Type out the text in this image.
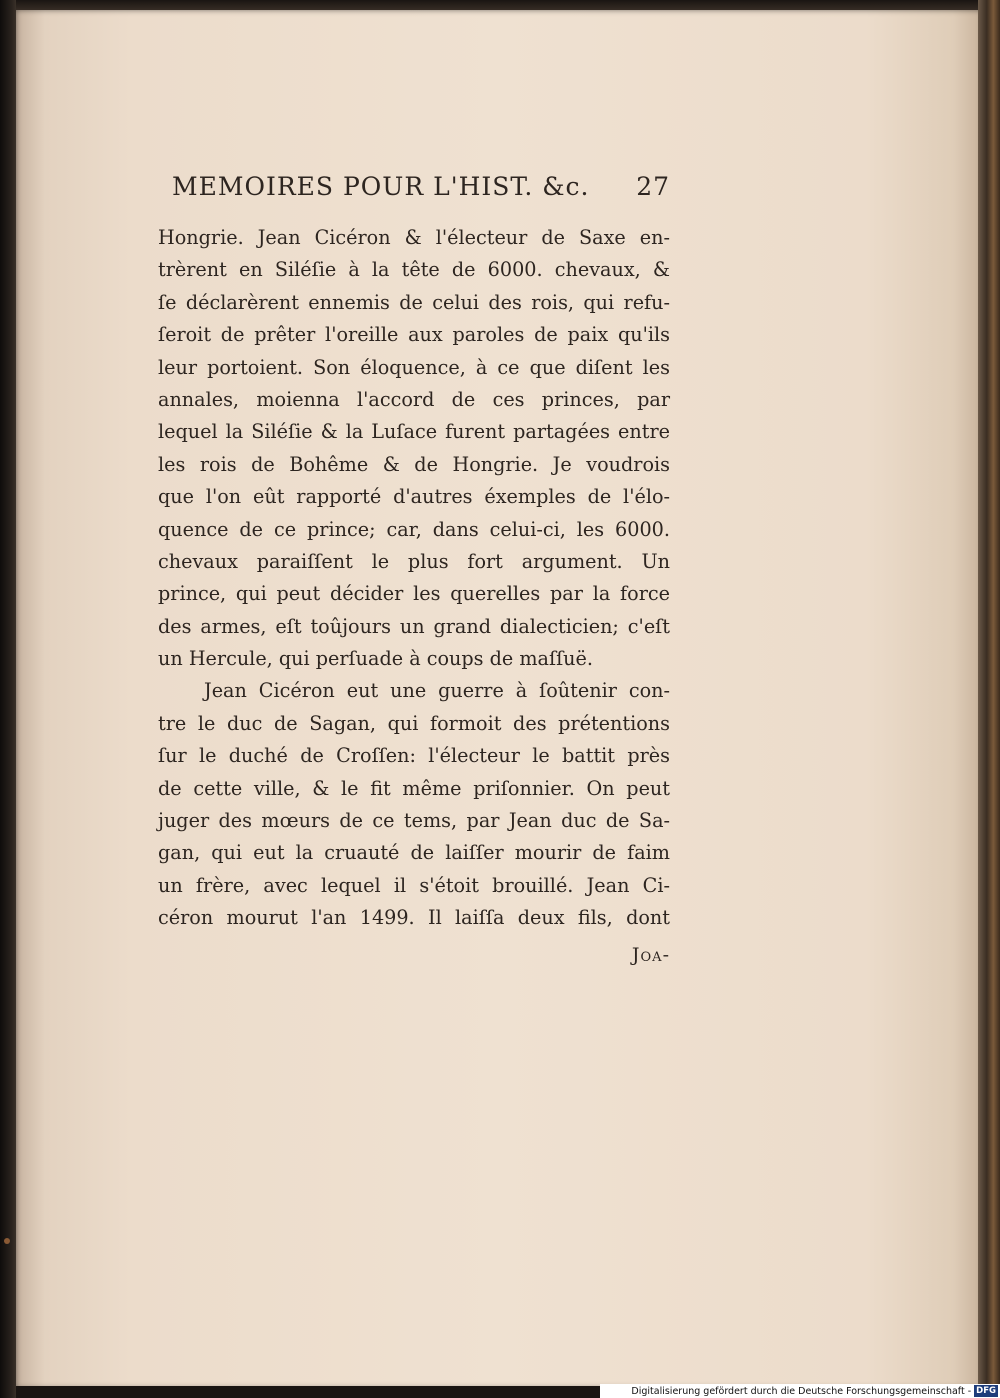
MEMOIRES POUR L'HIST. &c. 27
Hongrie. Jean Cicéron & l'électeur de Saxe en-
trèrent en Siléſie à la tête de 6000. chevaux, &
ſe déclarèrent ennemis de celui des rois, qui refu-
ſeroit de prêter l'oreille aux paroles de paix qu'ils
leur portoient. Son éloquence, à ce que diſent les
annales, moienna l'accord de ces princes, par
lequel la Siléſie & la Luſace furent partagées entre
les rois de Bohême & de Hongrie. Je voudrois
que l'on eût rapporté d'autres éxemples de l'élo-
quence de ce prince; car, dans celui-ci, les 6000.
chevaux paraiſſent le plus fort argument. Un
prince, qui peut décider les querelles par la force
des armes, eſt toûjours un grand dialecticien; c'eſt
un Hercule, qui perſuade à coups de maſſuë.
Jean Cicéron eut une guerre à ſoûtenir con-
tre le duc de Sagan, qui formoit des prétentions
ſur le duché de Croſſen: l'électeur le battit près
de cette ville, & le fit même priſonnier. On peut
juger des mœurs de ce tems, par Jean duc de Sa-
gan, qui eut la cruauté de laiſſer mourir de faim
un frère, avec lequel il s'étoit brouillé. Jean Ci-
céron mourut l'an 1499. Il laiſſa deux fils, dont
Joa-
Digitalisierung gefördert durch die Deutsche Forschungsgemeinschaft - DFG
